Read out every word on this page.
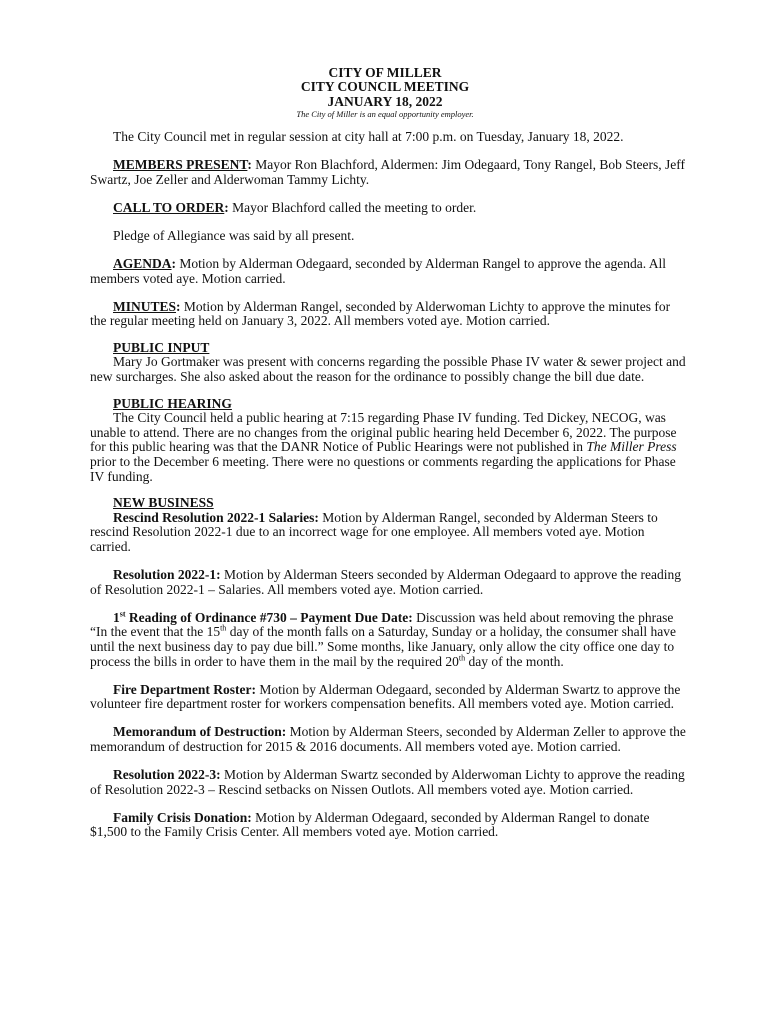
CITY OF MILLER
CITY COUNCIL MEETING
JANUARY 18, 2022
The City of Miller is an equal opportunity employer.

The City Council met in regular session at city hall at 7:00 p.m. on Tuesday, January 18, 2022.

MEMBERS PRESENT: Mayor Ron Blachford, Aldermen: Jim Odegaard, Tony Rangel, Bob Steers, Jeff Swartz, Joe Zeller and Alderwoman Tammy Lichty.

CALL TO ORDER: Mayor Blachford called the meeting to order.

Pledge of Allegiance was said by all present.

AGENDA: Motion by Alderman Odegaard, seconded by Alderman Rangel to approve the agenda. All members voted aye. Motion carried.

MINUTES: Motion by Alderman Rangel, seconded by Alderwoman Lichty to approve the minutes for the regular meeting held on January 3, 2022. All members voted aye. Motion carried.

PUBLIC INPUT

Mary Jo Gortmaker was present with concerns regarding the possible Phase IV water & sewer project and new surcharges. She also asked about the reason for the ordinance to possibly change the bill due date.

PUBLIC HEARING

The City Council held a public hearing at 7:15 regarding Phase IV funding. Ted Dickey, NECOG, was unable to attend. There are no changes from the original public hearing held December 6, 2022. The purpose for this public hearing was that the DANR Notice of Public Hearings were not published in The Miller Press prior to the December 6 meeting. There were no questions or comments regarding the applications for Phase IV funding.

NEW BUSINESS

Rescind Resolution 2022-1 Salaries: Motion by Alderman Rangel, seconded by Alderman Steers to rescind Resolution 2022-1 due to an incorrect wage for one employee. All members voted aye. Motion carried.

Resolution 2022-1: Motion by Alderman Steers seconded by Alderman Odegaard to approve the reading of Resolution 2022-1 – Salaries. All members voted aye. Motion carried.

1st Reading of Ordinance #730 – Payment Due Date: Discussion was held about removing the phrase “In the event that the 15th day of the month falls on a Saturday, Sunday or a holiday, the consumer shall have until the next business day to pay due bill.” Some months, like January, only allow the city office one day to process the bills in order to have them in the mail by the required 20th day of the month.

Fire Department Roster: Motion by Alderman Odegaard, seconded by Alderman Swartz to approve the volunteer fire department roster for workers compensation benefits. All members voted aye. Motion carried.

Memorandum of Destruction: Motion by Alderman Steers, seconded by Alderman Zeller to approve the memorandum of destruction for 2015 & 2016 documents. All members voted aye. Motion carried.

Resolution 2022-3: Motion by Alderman Swartz seconded by Alderwoman Lichty to approve the reading of Resolution 2022-3 – Rescind setbacks on Nissen Outlots. All members voted aye. Motion carried.

Family Crisis Donation: Motion by Alderman Odegaard, seconded by Alderman Rangel to donate $1,500 to the Family Crisis Center. All members voted aye. Motion carried.
